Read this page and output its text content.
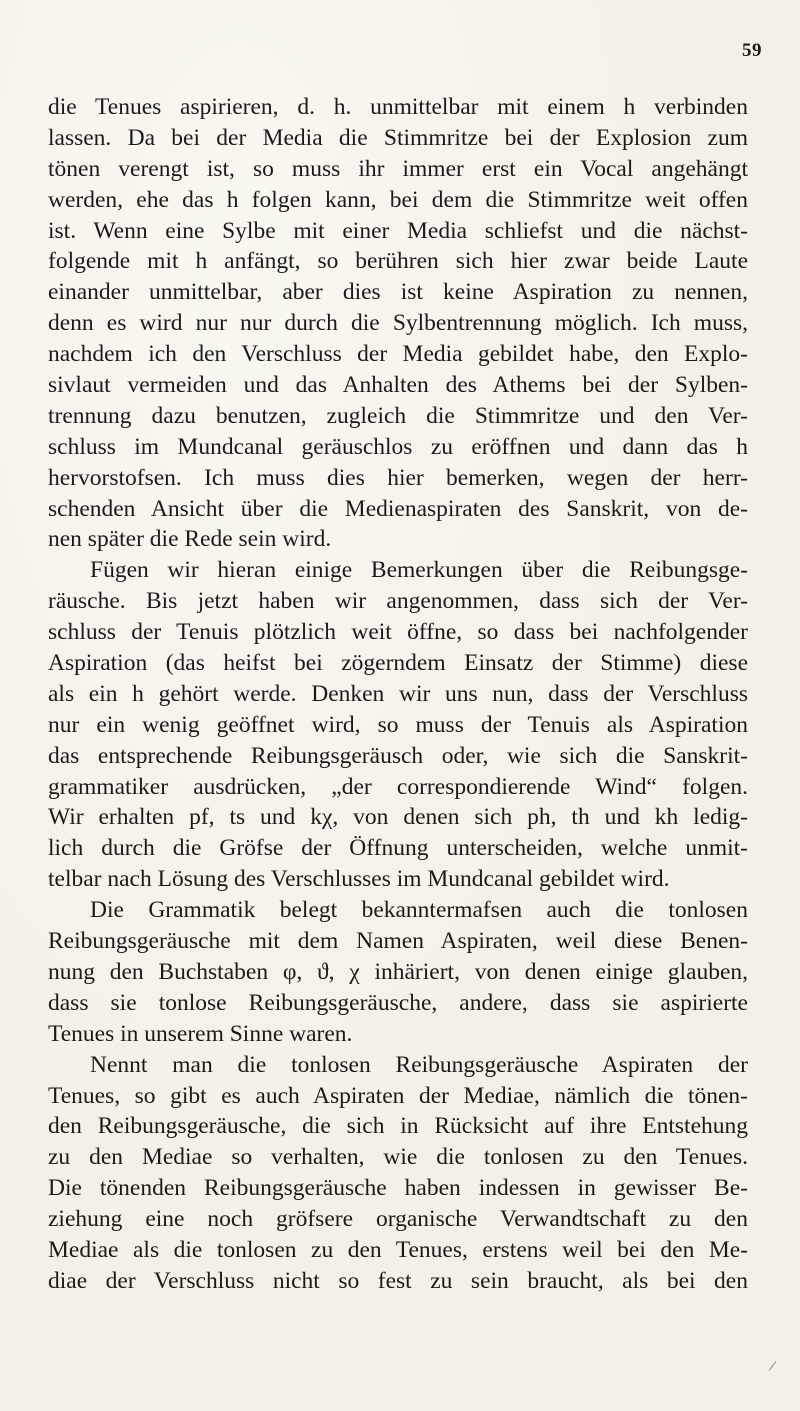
59
die Tenues aspirieren, d. h. unmittelbar mit einem h verbinden
lassen. Da bei der Media die Stimmritze bei der Explosion zum
tönen verengt ist, so muss ihr immer erst ein Vocal angehängt
werden, ehe das h folgen kann, bei dem die Stimmritze weit offen
ist. Wenn eine Sylbe mit einer Media schliefst und die nächst-
folgende mit h anfängt, so berühren sich hier zwar beide Laute
einander unmittelbar, aber dies ist keine Aspiration zu nennen,
denn es wird nur nur durch die Sylbentrennung möglich. Ich muss,
nachdem ich den Verschluss der Media gebildet habe, den Explo-
sivlaut vermeiden und das Anhalten des Athems bei der Sylben-
trennung dazu benutzen, zugleich die Stimmritze und den Ver-
schluss im Mundcanal geräuschlos zu eröffnen und dann das h
hervorstofsen. Ich muss dies hier bemerken, wegen der herr-
schenden Ansicht über die Medienaspiraten des Sanskrit, von de-
nen später die Rede sein wird.
Fügen wir hieran einige Bemerkungen über die Reibungsge-
räusche. Bis jetzt haben wir angenommen, dass sich der Ver-
schluss der Tenuis plötzlich weit öffne, so dass bei nachfolgender
Aspiration (das heifst bei zögerndem Einsatz der Stimme) diese
als ein h gehört werde. Denken wir uns nun, dass der Verschluss
nur ein wenig geöffnet wird, so muss der Tenuis als Aspiration
das entsprechende Reibungsgeräusch oder, wie sich die Sanskrit-
grammatiker ausdrücken, „der correspondierende Wind“ folgen.
Wir erhalten pf, ts und kχ, von denen sich ph, th und kh ledig-
lich durch die Gröfse der Öffnung unterscheiden, welche unmit-
telbar nach Lösung des Verschlusses im Mundcanal gebildet wird.
Die Grammatik belegt bekanntermafsen auch die tonlosen
Reibungsgeräusche mit dem Namen Aspiraten, weil diese Benen-
nung den Buchstaben φ, ϑ, χ inhäriert, von denen einige glauben,
dass sie tonlose Reibungsgeräusche, andere, dass sie aspirierte
Tenues in unserem Sinne waren.
Nennt man die tonlosen Reibungsgeräusche Aspiraten der
Tenues, so gibt es auch Aspiraten der Mediae, nämlich die tönen-
den Reibungsgeräusche, die sich in Rücksicht auf ihre Entstehung
zu den Mediae so verhalten, wie die tonlosen zu den Tenues.
Die tönenden Reibungsgeräusche haben indessen in gewisser Be-
ziehung eine noch gröfsere organische Verwandtschaft zu den
Mediae als die tonlosen zu den Tenues, erstens weil bei den Me-
diae der Verschluss nicht so fest zu sein braucht, als bei den
/
